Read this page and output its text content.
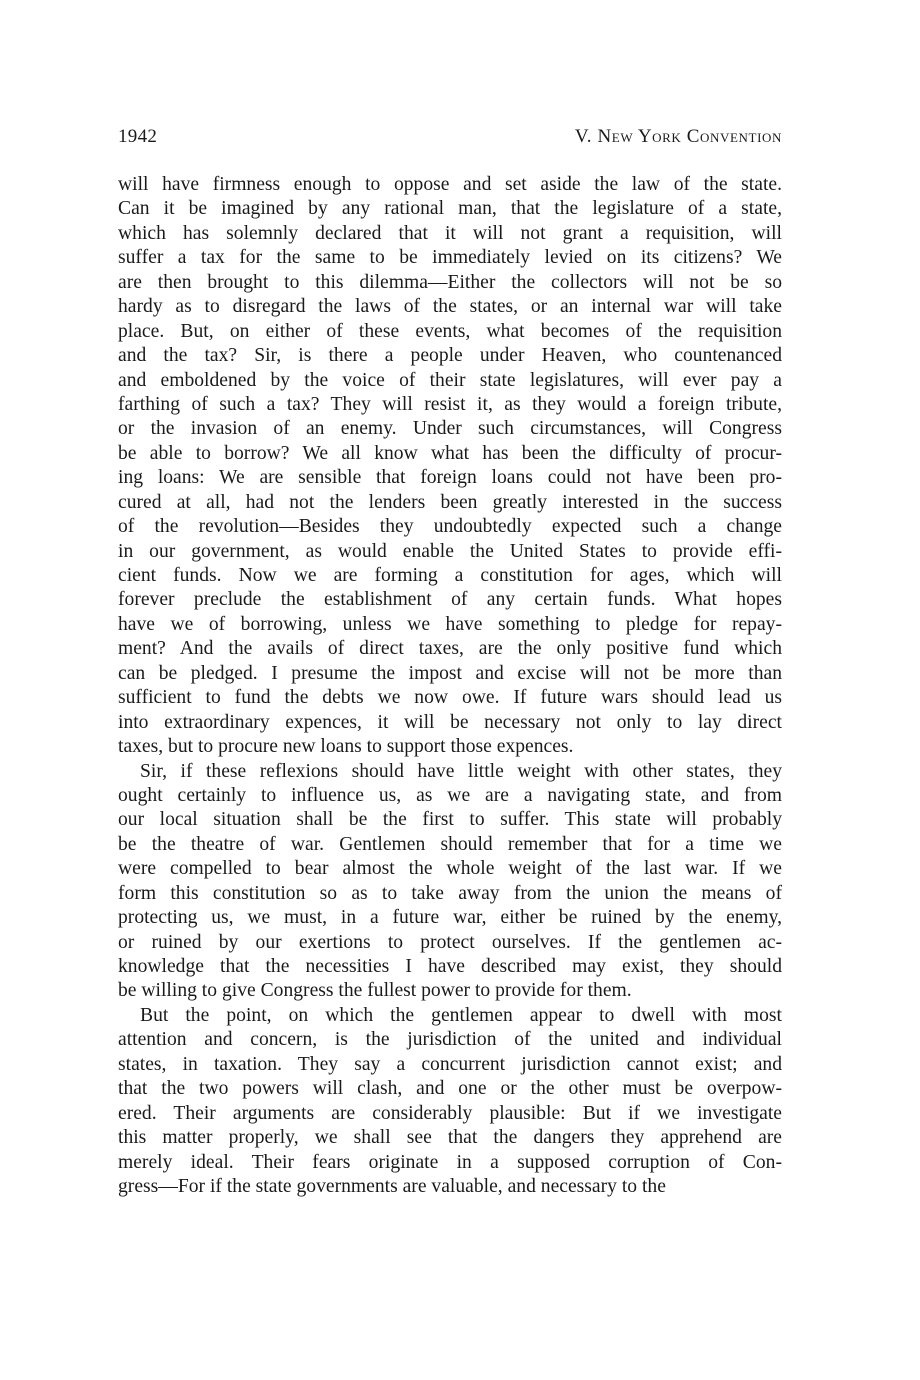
1942	V. New York Convention
will have firmness enough to oppose and set aside the law of the state.
Can it be imagined by any rational man, that the legislature of a state,
which has solemnly declared that it will not grant a requisition, will
suffer a tax for the same to be immediately levied on its citizens? We
are then brought to this dilemma—Either the collectors will not be so
hardy as to disregard the laws of the states, or an internal war will take
place. But, on either of these events, what becomes of the requisition
and the tax? Sir, is there a people under Heaven, who countenanced
and emboldened by the voice of their state legislatures, will ever pay a
farthing of such a tax? They will resist it, as they would a foreign tribute,
or the invasion of an enemy. Under such circumstances, will Congress
be able to borrow? We all know what has been the difficulty of procur-
ing loans: We are sensible that foreign loans could not have been pro-
cured at all, had not the lenders been greatly interested in the success
of the revolution—Besides they undoubtedly expected such a change
in our government, as would enable the United States to provide effi-
cient funds. Now we are forming a constitution for ages, which will
forever preclude the establishment of any certain funds. What hopes
have we of borrowing, unless we have something to pledge for repay-
ment? And the avails of direct taxes, are the only positive fund which
can be pledged. I presume the impost and excise will not be more than
sufficient to fund the debts we now owe. If future wars should lead us
into extraordinary expences, it will be necessary not only to lay direct
taxes, but to procure new loans to support those expences.
Sir, if these reflexions should have little weight with other states, they
ought certainly to influence us, as we are a navigating state, and from
our local situation shall be the first to suffer. This state will probably
be the theatre of war. Gentlemen should remember that for a time we
were compelled to bear almost the whole weight of the last war. If we
form this constitution so as to take away from the union the means of
protecting us, we must, in a future war, either be ruined by the enemy,
or ruined by our exertions to protect ourselves. If the gentlemen ac-
knowledge that the necessities I have described may exist, they should
be willing to give Congress the fullest power to provide for them.
But the point, on which the gentlemen appear to dwell with most
attention and concern, is the jurisdiction of the united and individual
states, in taxation. They say a concurrent jurisdiction cannot exist; and
that the two powers will clash, and one or the other must be overpow-
ered. Their arguments are considerably plausible: But if we investigate
this matter properly, we shall see that the dangers they apprehend are
merely ideal. Their fears originate in a supposed corruption of Con-
gress—For if the state governments are valuable, and necessary to the
